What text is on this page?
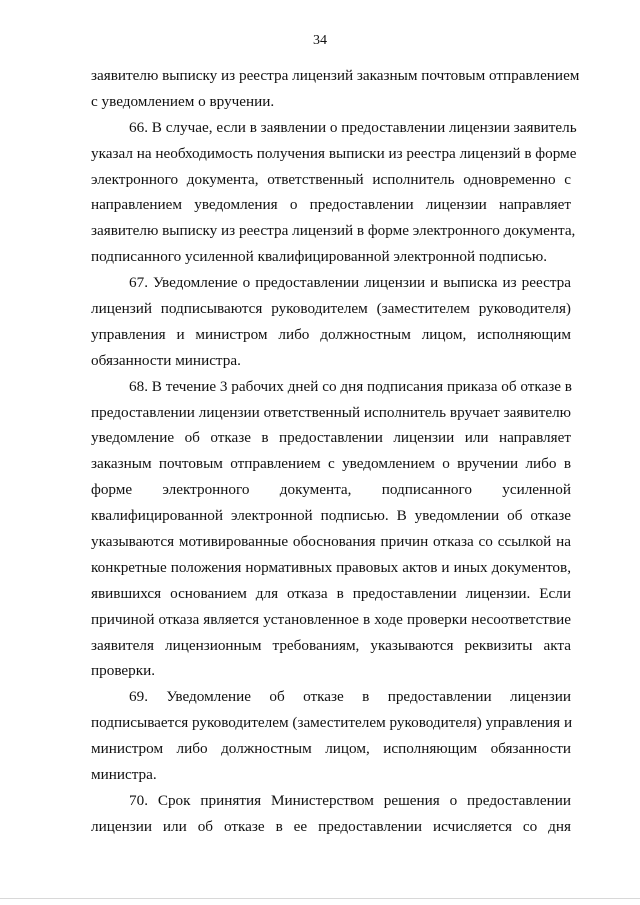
34
заявителю выписку из реестра лицензий заказным почтовым отправлением
с уведомлением о вручении.
66. В случае, если в заявлении о предоставлении лицензии заявитель
указал на необходимость получения выписки из реестра лицензий в форме
электронного документа, ответственный исполнитель одновременно с
направлением уведомления о предоставлении лицензии направляет
заявителю выписку из реестра лицензий в форме электронного документа,
подписанного усиленной квалифицированной электронной подписью.
67. Уведомление о предоставлении лицензии и выписка из реестра
лицензий подписываются руководителем (заместителем руководителя)
управления и министром либо должностным лицом, исполняющим
обязанности министра.
68. В течение 3 рабочих дней со дня подписания приказа об отказе в
предоставлении лицензии ответственный исполнитель вручает заявителю
уведомление об отказе в предоставлении лицензии или направляет
заказным почтовым отправлением с уведомлением о вручении либо в
форме электронного документа, подписанного усиленной
квалифицированной электронной подписью. В уведомлении об отказе
указываются мотивированные обоснования причин отказа со ссылкой на
конкретные положения нормативных правовых актов и иных документов,
явившихся основанием для отказа в предоставлении лицензии. Если
причиной отказа является установленное в ходе проверки несоответствие
заявителя лицензионным требованиям, указываются реквизиты акта
проверки.
69. Уведомление об отказе в предоставлении лицензии
подписывается руководителем (заместителем руководителя) управления и
министром либо должностным лицом, исполняющим обязанности
министра.
70. Срок принятия Министерством решения о предоставлении
лицензии или об отказе в ее предоставлении исчисляется со дня
